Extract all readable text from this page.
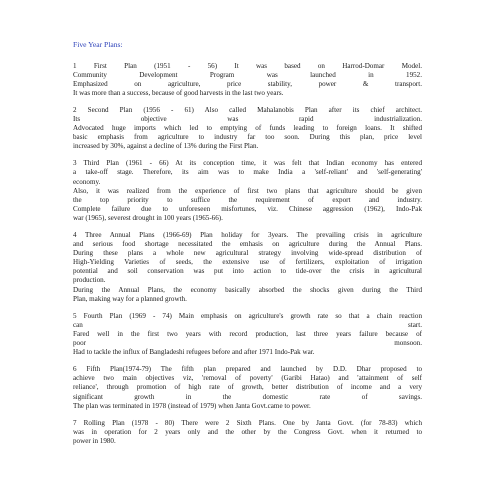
Five Year Plans:
1 First Plan (1951 - 56) It was based on Harrod-Domar Model.
Community Development Program was launched in 1952.
Emphasized on agriculture, price stability, power & transport.
It was more than a success, because of good harvests in the last two years.
2 Second Plan (1956 - 61) Also called Mahalanobis Plan after its chief architect.
Its objective was rapid industrialization.
Advocated huge imports which led to emptying of funds leading to foreign loans. It shifted
basic emphasis from agriculture to industry far too soon. During this plan, price level
increased by 30%, against a decline of 13% during the First Plan.
3 Third Plan (1961 - 66) At its conception time, it was felt that Indian economy has entered
a take-off stage. Therefore, its aim was to make India a 'self-reliant' and 'self-generating'
economy.
Also, it was realized from the experience of first two plans that agriculture should be given
the top priority to suffice the requirement of export and industry.
Complete failure due to unforeseen misfortunes, viz. Chinese aggression (1962), Indo-Pak
war (1965), severest drought in 100 years (1965-66).
4 Three Annual Plans (1966-69) Plan holiday for 3years. The prevailing crisis in agriculture
and serious food shortage necessitated the emhasis on agriculture during the Annual Plans.
During these plans a whole new agricultural strategy involving wide-spread distribution of
High-Yielding Varieties of seeds, the extensive use of fertilizers, exploitation of irrigation
potential and soil conservation was put into action to tide-over the crisis in agricultural
production.
During the Annual Plans, the economy basically absorbed the shocks given during the Third
Plan, making way for a planned growth.
5 Fourth Plan (1969 - 74) Main emphasis on agriculture's growth rate so that a chain reaction
can start.
Fared well in the first two years with record production, last three years failure because of
poor monsoon.
Had to tackle the influx of Bangladeshi refugees before and after 1971 Indo-Pak war.
6 Fifth Plan(1974-79) The fifth plan prepared and launched by D.D. Dhar proposed to
achieve two main objectives viz, 'removal of poverty' (Garibi Hatao) and 'attainment of self
reliance', through promotion of high rate of growth, better distribution of income and a very
significant growth in the domestic rate of savings.
The plan was terminated in 1978 (instead of 1979) when Janta Govt.came to power.
7 Rolling Plan (1978 - 80) There were 2 Sixth Plans. One by Janta Govt. (for 78-83) which
was in operation for 2 years only and the other by the Congress Govt. when it returned to
power in 1980.
